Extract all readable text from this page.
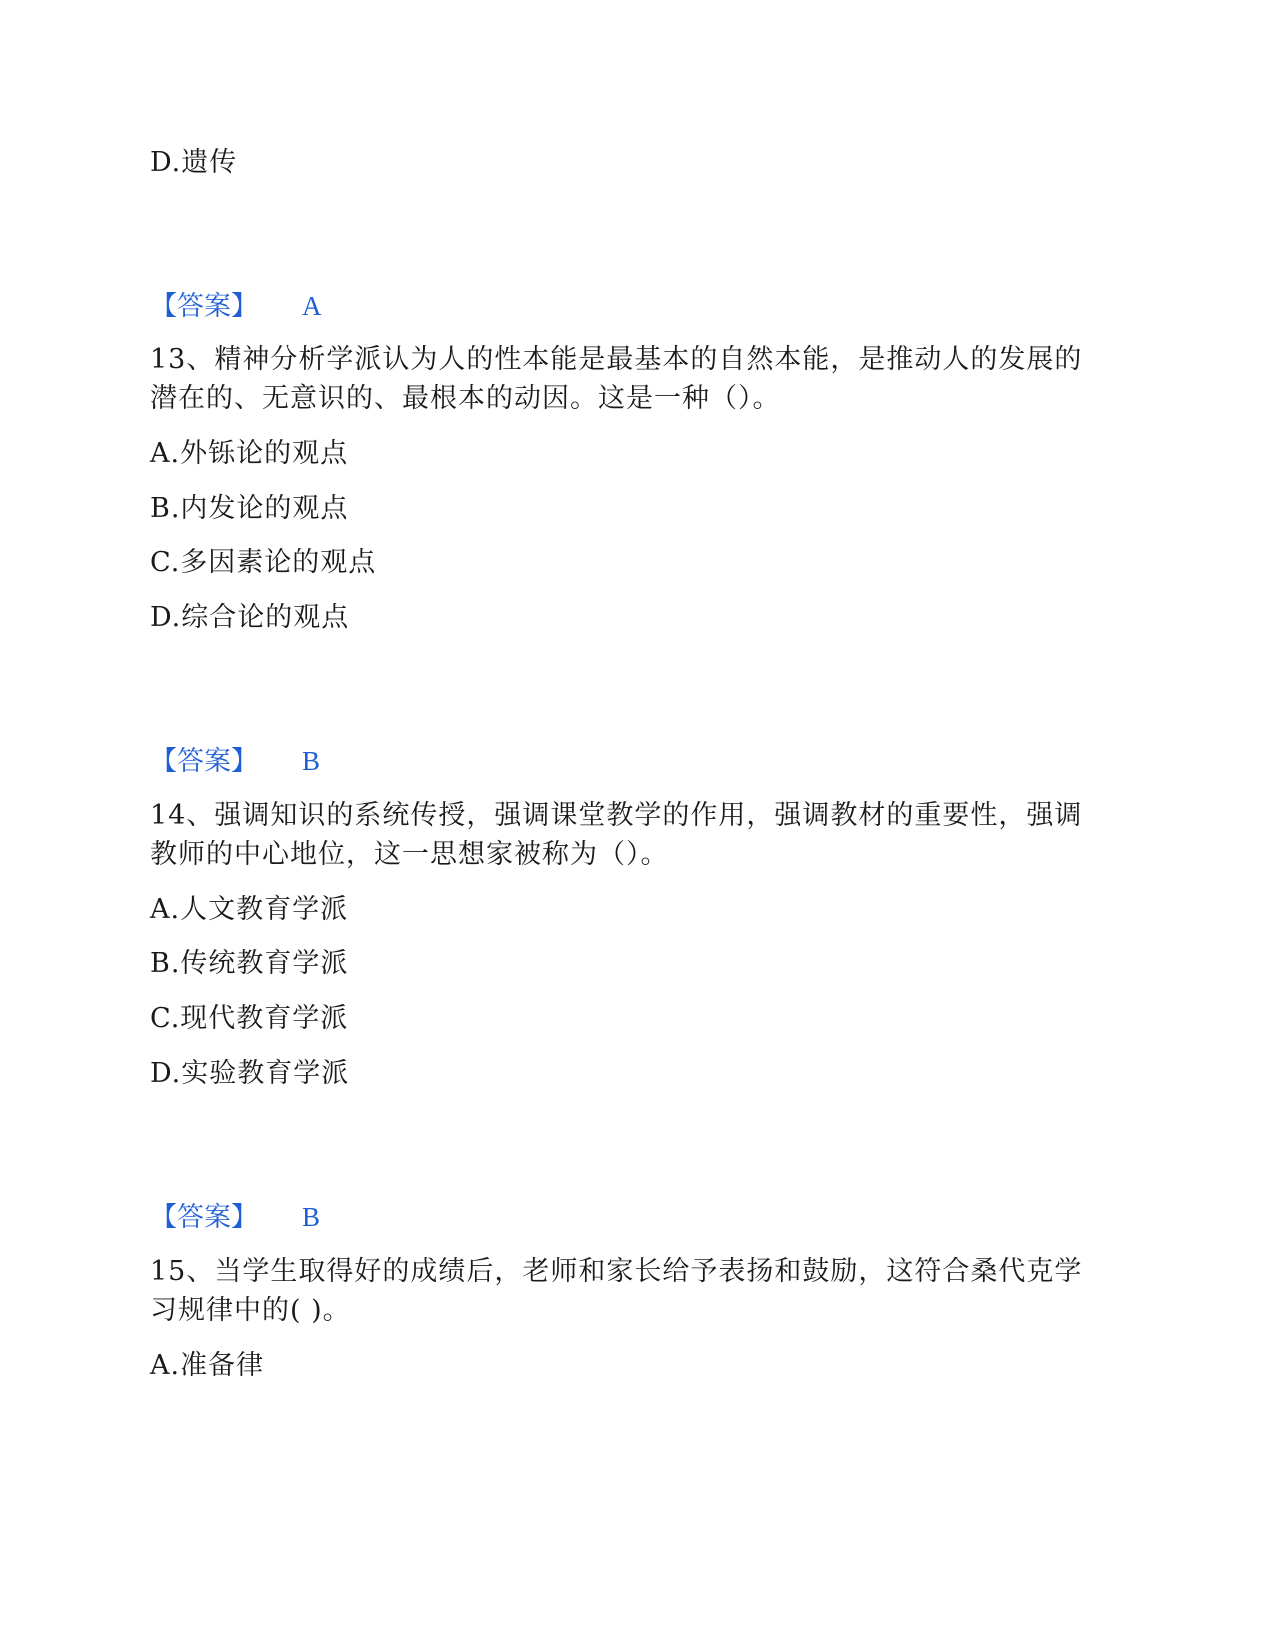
D.遗传
【答案】 A
13、精神分析学派认为人的性本能是最基本的自然本能，是推动人的发展的
潜在的、无意识的、最根本的动因。这是一种（）。
A.外铄论的观点
B.内发论的观点
C.多因素论的观点
D.综合论的观点
【答案】 B
14、强调知识的系统传授，强调课堂教学的作用，强调教材的重要性，强调
教师的中心地位，这一思想家被称为（）。
A.人文教育学派
B.传统教育学派
C.现代教育学派
D.实验教育学派
【答案】 B
15、当学生取得好的成绩后，老师和家长给予表扬和鼓励，这符合桑代克学
习规律中的( )。
A.准备律
